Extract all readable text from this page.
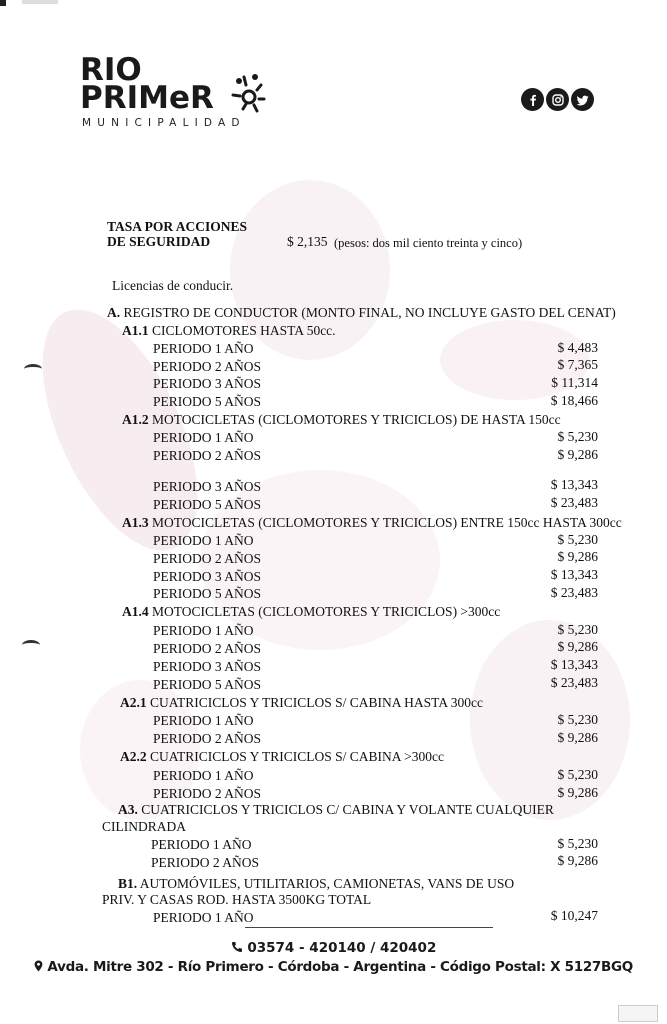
RIO
PRIMeR
MUNICIPALIDAD
TASA POR ACCIONES
DE SEGURIDAD	$ 2,135 (pesos: dos mil ciento treinta y cinco)
Licencias de conducir.
A. REGISTRO DE CONDUCTOR (MONTO FINAL, NO INCLUYE GASTO DEL CENAT)
A1.1 CICLOMOTORES HASTA 50cc.
PERIODO 1 AÑO	$ 4,483
PERIODO 2 AÑOS	$ 7,365
PERIODO 3 AÑOS	$ 11,314
PERIODO 5 AÑOS	$ 18,466
A1.2 MOTOCICLETAS (CICLOMOTORES Y TRICICLOS) DE HASTA 150cc
PERIODO 1 AÑO	$ 5,230
PERIODO 2 AÑOS	$ 9,286
PERIODO 3 AÑOS	$ 13,343
PERIODO 5 AÑOS	$ 23,483
A1.3 MOTOCICLETAS (CICLOMOTORES Y TRICICLOS) ENTRE 150cc HASTA 300cc
PERIODO 1 AÑO	$ 5,230
PERIODO 2 AÑOS	$ 9,286
PERIODO 3 AÑOS	$ 13,343
PERIODO 5 AÑOS	$ 23,483
A1.4 MOTOCICLETAS (CICLOMOTORES Y TRICICLOS) >300cc
PERIODO 1 AÑO	$ 5,230
PERIODO 2 AÑOS	$ 9,286
PERIODO 3 AÑOS	$ 13,343
PERIODO 5 AÑOS	$ 23,483
A2.1 CUATRICICLOS Y TRICICLOS S/ CABINA HASTA 300cc
PERIODO 1 AÑO	$ 5,230
PERIODO 2 AÑOS	$ 9,286
A2.2 CUATRICICLOS Y TRICICLOS S/ CABINA >300cc
PERIODO 1 AÑO	$ 5,230
PERIODO 2 AÑOS	$ 9,286
A3. CUATRICICLOS Y TRICICLOS C/ CABINA Y VOLANTE CUALQUIER
CILINDRADA
PERIODO 1 AÑO	$ 5,230
PERIODO 2 AÑOS	$ 9,286
B1. AUTOMÓVILES, UTILITARIOS, CAMIONETAS, VANS DE USO
PRIV. Y CASAS ROD. HASTA 3500KG TOTAL
PERIODO 1 AÑO	$ 10,247
03574 - 420140 / 420402
Avda. Mitre 302 - Río Primero - Córdoba - Argentina - Código Postal: X 5127BGQ
